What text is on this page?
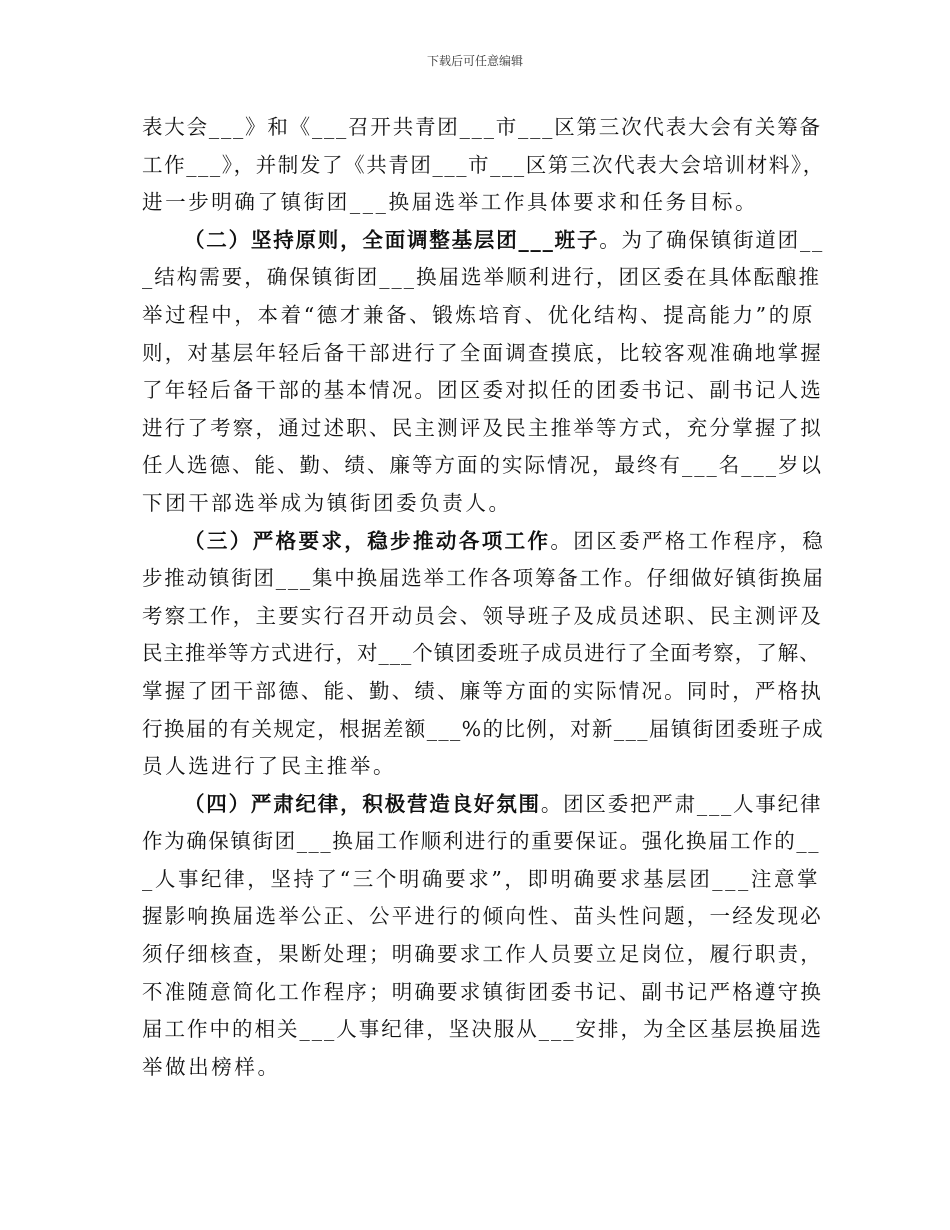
下载后可任意编辑
表大会___》和《___召开共青团___市___区第三次代表大会有关筹备
工作___》，并制发了《共青团___市___区第三次代表大会培训材料》，
进一步明确了镇街团___换届选举工作具体要求和任务目标。
（二）坚持原则，全面调整基层团___班子。为了确保镇街道团__
_结构需要，确保镇街团___换届选举顺利进行，团区委在具体酝酿推
举过程中，本着“德才兼备、锻炼培育、优化结构、提高能力”的原
则，对基层年轻后备干部进行了全面调查摸底，比较客观准确地掌握
了年轻后备干部的基本情况。团区委对拟任的团委书记、副书记人选
进行了考察，通过述职、民主测评及民主推举等方式，充分掌握了拟
任人选德、能、勤、绩、廉等方面的实际情况，最终有___名___岁以
下团干部选举成为镇街团委负责人。
（三）严格要求，稳步推动各项工作。团区委严格工作程序，稳
步推动镇街团___集中换届选举工作各项筹备工作。仔细做好镇街换届
考察工作，主要实行召开动员会、领导班子及成员述职、民主测评及
民主推举等方式进行，对___个镇团委班子成员进行了全面考察，了解、
掌握了团干部德、能、勤、绩、廉等方面的实际情况。同时，严格执
行换届的有关规定，根据差额___%的比例，对新___届镇街团委班子成
员人选进行了民主推举。
（四）严肃纪律，积极营造良好氛围。团区委把严肃___人事纪律
作为确保镇街团___换届工作顺利进行的重要保证。强化换届工作的__
_人事纪律，坚持了“三个明确要求”，即明确要求基层团___注意掌
握影响换届选举公正、公平进行的倾向性、苗头性问题，一经发现必
须仔细核查，果断处理；明确要求工作人员要立足岗位，履行职责，
不准随意简化工作程序；明确要求镇街团委书记、副书记严格遵守换
届工作中的相关___人事纪律，坚决服从___安排，为全区基层换届选
举做出榜样。
